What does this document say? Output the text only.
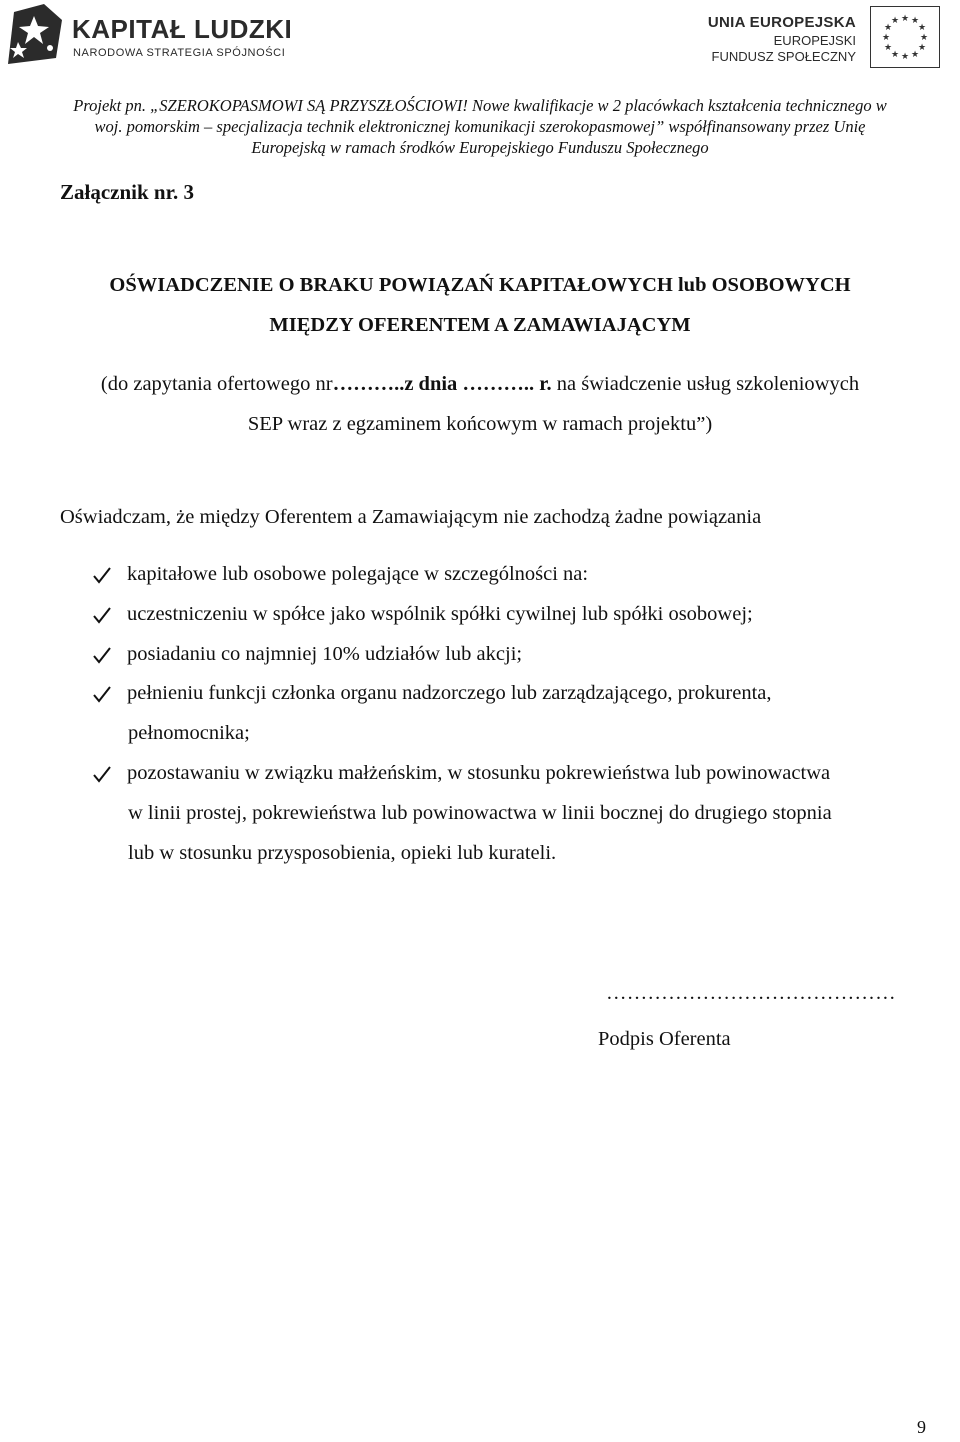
KAPITAŁ LUDZKI
NARODOWA STRATEGIA SPÓJNOŚCI
UNIA EUROPEJSKA
EUROPEJSKI
FUNDUSZ SPOŁECZNY
★ ★
★
★
★
★
★
★
★
★
★
★
Projekt pn. „SZEROKOPASMOWI SĄ PRZYSZŁOŚCIOWI! Nowe kwalifikacje w 2 placówkach kształcenia technicznego w
woj. pomorskim – specjalizacja technik elektronicznej komunikacji szerokopasmowej” współfinansowany przez Unię
Europejską w ramach środków Europejskiego Funduszu Społecznego
Załącznik nr. 3
OŚWIADCZENIE O BRAKU POWIĄZAŃ KAPITAŁOWYCH lub OSOBOWYCH
MIĘDZY OFERENTEM A ZAMAWIAJĄCYM
(do zapytania ofertowego nr………..z dnia ……….. r. na świadczenie usług szkoleniowych
SEP wraz z egzaminem końcowym w ramach projektu”)
Oświadczam, że między Oferentem a Zamawiającym nie zachodzą żadne powiązania
kapitałowe lub osobowe polegające w szczególności na:
uczestniczeniu w spółce jako wspólnik spółki cywilnej lub spółki osobowej;
posiadaniu co najmniej 10% udziałów lub akcji;
pełnieniu funkcji członka organu nadzorczego lub zarządzającego, prokurenta,
pełnomocnika;
pozostawaniu w związku małżeńskim, w stosunku pokrewieństwa lub powinowactwa
w linii prostej, pokrewieństwa lub powinowactwa w linii bocznej do drugiego stopnia
lub w stosunku przysposobienia, opieki lub kurateli.
……………………………………
Podpis Oferenta
9
